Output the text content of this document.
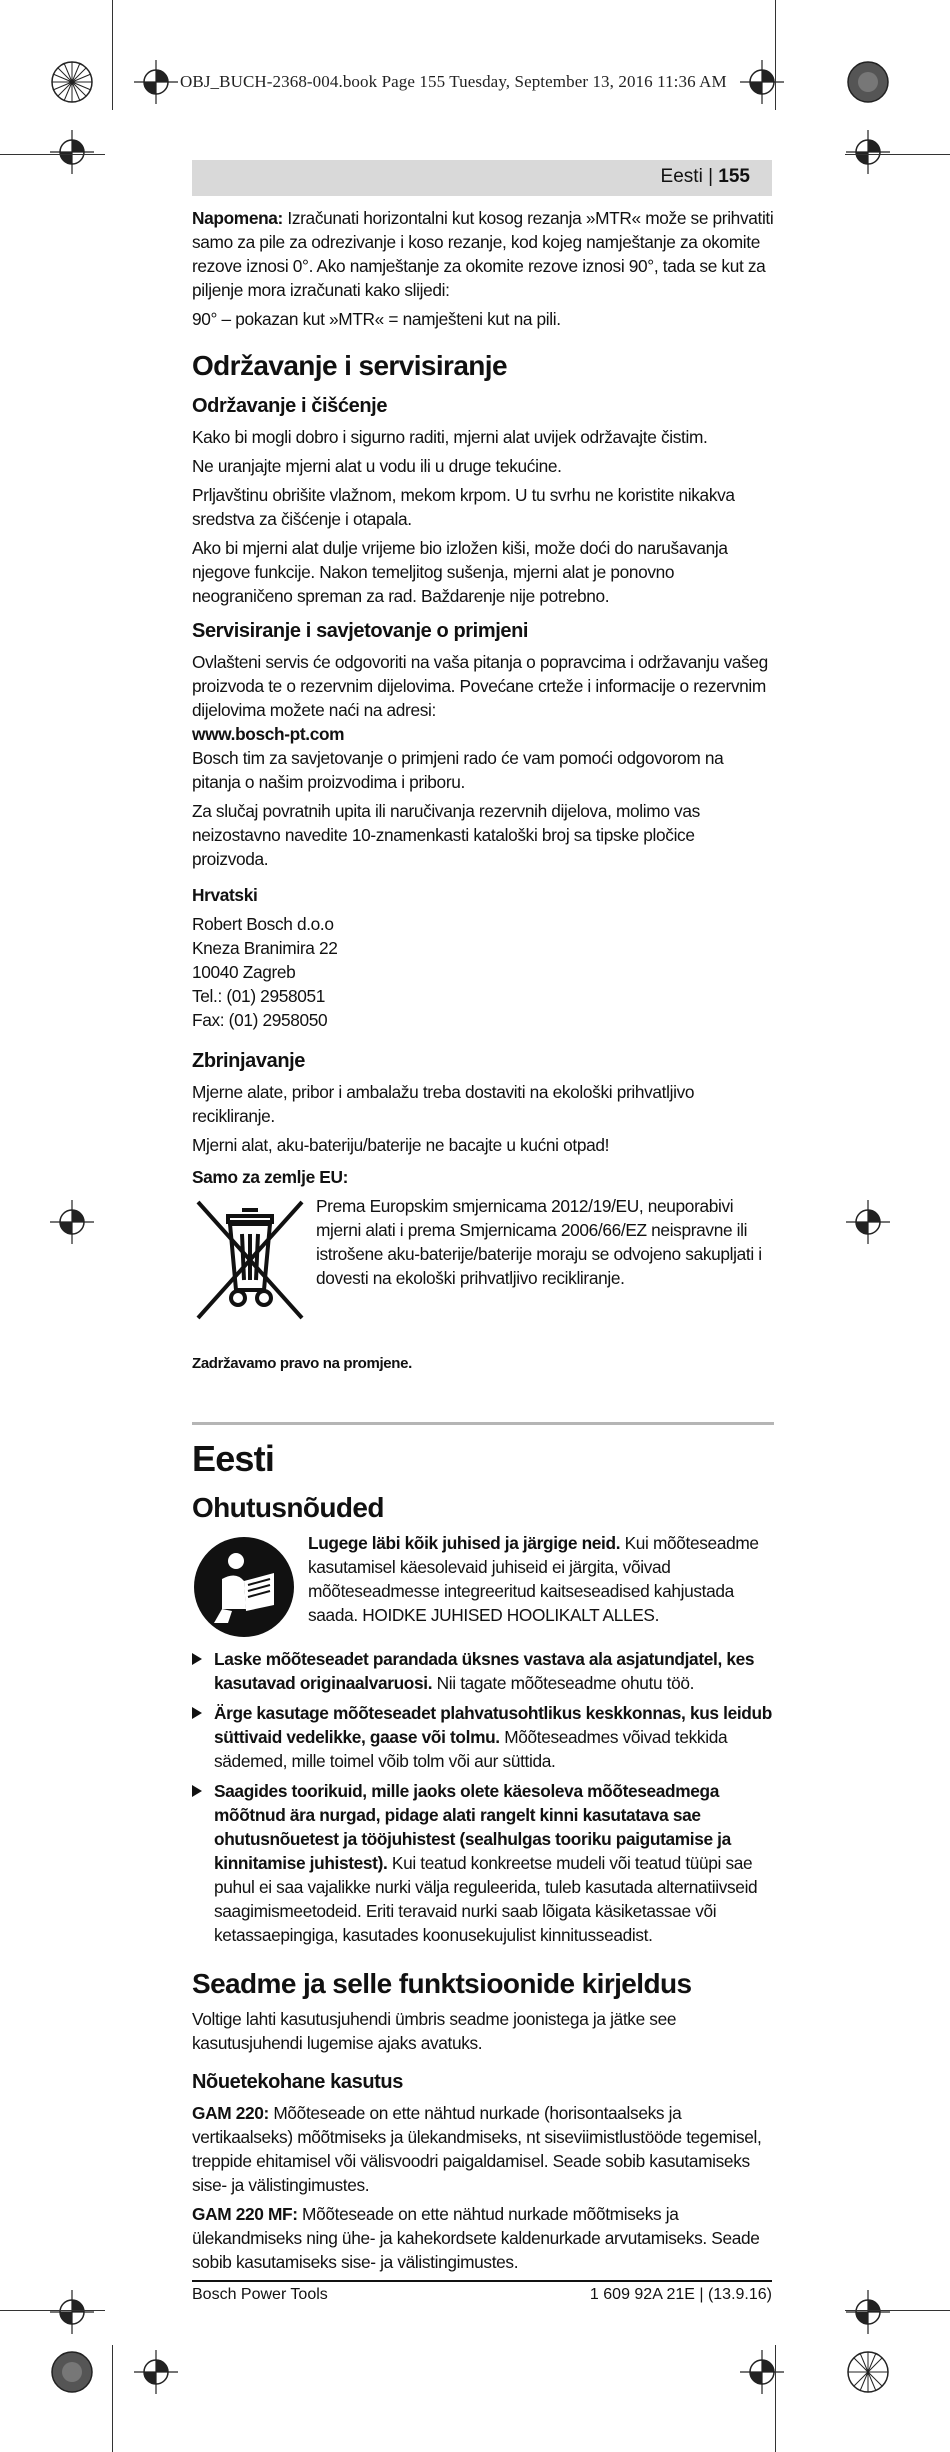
OBJ_BUCH-2368-004.book Page 155 Tuesday, September 13, 2016 11:36 AM
Eesti | 155

Napomena: Izračunati horizontalni kut kosog rezanja »MTR« može se prihvatiti samo za pile za odrezivanje i koso rezanje, kod kojeg namještanje za okomite rezove iznosi 0°. Ako namještanje za okomite rezove iznosi 90°, tada se kut za piljenje mora izračunati kako slijedi:

90° – pokazan kut »MTR« = namješteni kut na pili.

Održavanje i servisiranje
Održavanje i čišćenje

Kako bi mogli dobro i sigurno raditi, mjerni alat uvijek održavajte čistim.

Ne uranjajte mjerni alat u vodu ili u druge tekućine.

Prljavštinu obrišite vlažnom, mekom krpom. U tu svrhu ne koristite nikakva sredstva za čišćenje i otapala.

Ako bi mjerni alat dulje vrijeme bio izložen kiši, može doći do narušavanja njegove funkcije. Nakon temeljitog sušenja, mjerni alat je ponovno neograničeno spreman za rad. Baždarenje nije potrebno.

Servisiranje i savjetovanje o primjeni

Ovlašteni servis će odgovoriti na vaša pitanja o popravcima i održavanju vašeg proizvoda te o rezervnim dijelovima. Povećane crteže i informacije o rezervnim dijelovima možete naći na adresi:

www.bosch-pt.com

Bosch tim za savjetovanje o primjeni rado će vam pomoći odgovorom na pitanja o našim proizvodima i priboru.

Za slučaj povratnih upita ili naručivanja rezervnih dijelova, molimo vas neizostavno navedite 10-znamenkasti kataloški broj sa tipske pločice proizvoda.

Hrvatski

Robert Bosch d.o.o

Kneza Branimira 22

10040 Zagreb

Tel.: (01) 2958051

Fax: (01) 2958050

Zbrinjavanje

Mjerne alate, pribor i ambalažu treba dostaviti na ekološki prihvatljivo recikliranje.

Mjerni alat, aku-bateriju/baterije ne bacajte u kućni otpad!

Samo za zemlje EU:

Prema Europskim smjernicama 2012/19/EU, neuporabivi mjerni alati i prema Smjernicama 2006/66/EZ neispravne ili istrošene aku-baterije/baterije moraju se odvojeno sakupljati i dovesti na ekološki prihvatljivo recikliranje.

Zadržavamo pravo na promjene.

Eesti
Ohutusnõuded

Lugege läbi kõik juhised ja järgige neid. Kui mõõteseadme kasutamisel käesolevaid juhiseid ei järgita, võivad mõõteseadmesse integreeritud kaitseseadised kahjustada saada. HOIDKE JUHISED HOOLIKALT ALLES.

Laske mõõteseadet parandada üksnes vastava ala asjatundjatel, kes kasutavad originaalvaruosi. Nii tagate mõõteseadme ohutu töö.
Ärge kasutage mõõteseadet plahvatusohtlikus keskkonnas, kus leidub süttivaid vedelikke, gaase või tolmu. Mõõteseadmes võivad tekkida sädemed, mille toimel võib tolm või aur süttida.
Saagides toorikuid, mille jaoks olete käesoleva mõõteseadmega mõõtnud ära nurgad, pidage alati rangelt kinni kasutatava sae ohutusnõuetest ja tööjuhistest (sealhulgas tooriku paigutamise ja kinnitamise juhistest). Kui teatud konkreetse mudeli või teatud tüüpi sae puhul ei saa vajalikke nurki välja reguleerida, tuleb kasutada alternatiivseid saagimismeetodeid. Eriti teravaid nurki saab lõigata käsiketassae või ketassaepingiga, kasutades koonusekujulist kinnitusseadist.
Seadme ja selle funktsioonide kirjeldus

Voltige lahti kasutusjuhendi ümbris seadme joonistega ja jätke see kasutusjuhendi lugemise ajaks avatuks.

Nõuetekohane kasutus

GAM 220: Mõõteseade on ette nähtud nurkade (horisontaalseks ja vertikaalseks) mõõtmiseks ja ülekandmiseks, nt siseviimistlustööde tegemisel, treppide ehitamisel või välisvoodri paigaldamisel. Seade sobib kasutamiseks sise- ja välistingimustes.

GAM 220 MF: Mõõteseade on ette nähtud nurkade mõõtmiseks ja ülekandmiseks ning ühe- ja kahekordsete kaldenurkade arvutamiseks. Seade sobib kasutamiseks sise- ja välistingimustes.

Bosch Power Tools	1 609 92A 21E | (13.9.16)
